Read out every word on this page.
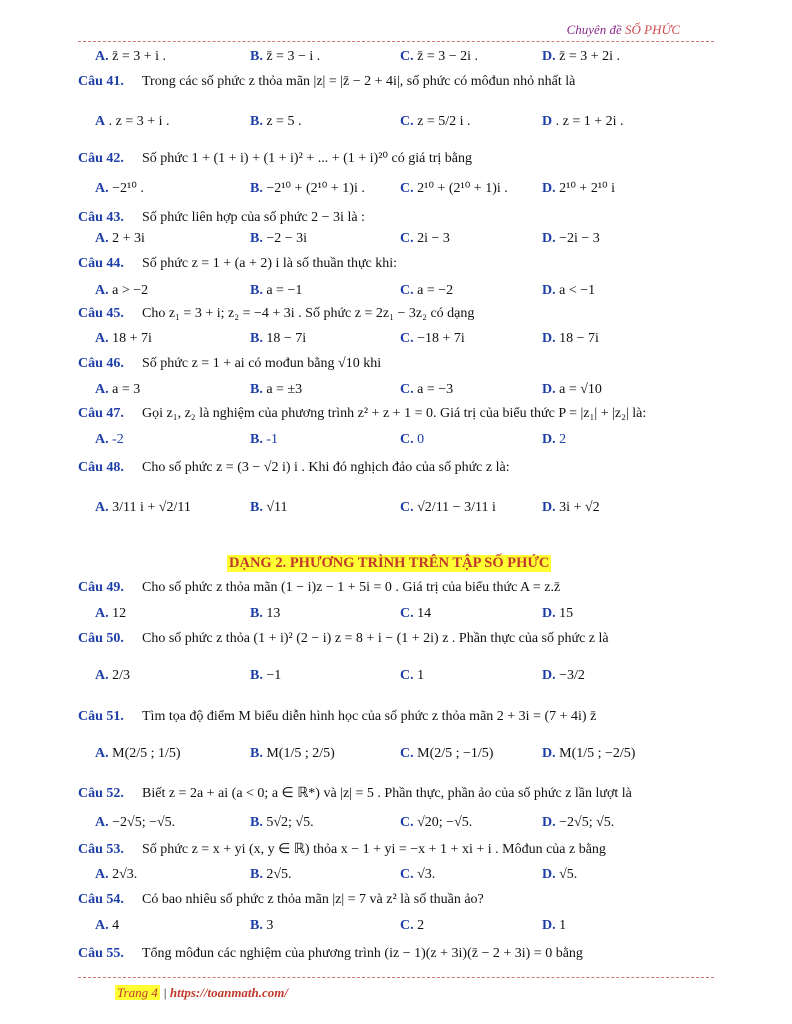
Chuyên đề SỐ PHỨC
A. z̄ = 3 + i .	B. z̄ = 3 − i .	C. z̄ = 3 − 2i .	D. z̄ = 3 + 2i .
Câu 41. Trong các số phức z thỏa mãn |z| = |z̄ − 2 + 4i|, số phức có môđun nhỏ nhất là
A . z = 3 + i .	B. z = 5 .	C. z = 5/2 i .	D . z = 1 + 2i .
Câu 42. Số phức 1 + (1 + i) + (1 + i)² + ... + (1 + i)²⁰ có giá trị bằng
A. −2¹⁰ .	B. −2¹⁰ + (2¹⁰ + 1)i .	C. 2¹⁰ + (2¹⁰ + 1)i . D. 2¹⁰ + 2¹⁰ i
Câu 43. Số phức liên hợp của số phức 2 − 3i là :
A. 2 + 3i	B. −2 − 3i	C. 2i − 3	D. −2i − 3
Câu 44. Số phức z = 1 + (a + 2) i là số thuần thực khi:
A. a > −2	B. a = −1	C. a = −2	D. a < −1
Câu 45. Cho z₁ = 3 + i; z₂ = −4 + 3i . Số phức z = 2z₁ − 3z₂ có dạng
A. 18 + 7i	B. 18 − 7i	C. −18 + 7i	D. 18 − 7i
Câu 46. Số phức z = 1 + ai có mođun bằng √10 khi
A. a = 3	B. a = ±3	C. a = −3	D. a = √10
Câu 47. Gọi z₁, z₂ là nghiệm của phương trình z² + z + 1 = 0. Giá trị của biểu thức P = |z₁| + |z₂| là:
A. -2	B. -1	C. 0	D. 2
Câu 48. Cho số phức z = (3 − √2 i) i . Khi đó nghịch đảo của số phức z là:
A. 3/11 i + √2/11	B. √11	C. √2/11 − 3/11 i	D. 3i + √2
Câu 49. Cho số phức z thỏa mãn (1 − i)z − 1 + 5i = 0 . Giá trị của biểu thức A = z.z̄
A. 12	B. 13	C. 14	D. 15
Câu 50. Cho số phức z thỏa (1 + i)² (2 − i) z = 8 + i − (1 + 2i) z . Phần thực của số phức z là
A. 2/3	B. −1	C. 1	D. −3/2
Câu 51. Tìm tọa độ điểm M biểu diễn hình học của số phức z thỏa mãn 2 + 3i = (7 + 4i) z̄
A. M(2/5 ; 1/5)	B. M(1/5 ; 2/5)	C. M(2/5 ; −1/5)	D. M(1/5 ; −2/5)
Câu 52. Biết z = 2a + ai (a < 0; a ∈ ℝ*) và |z| = 5 . Phần thực, phần ảo của số phức z lần lượt là
A. −2√5; −√5.	B. 5√2; √5.	C. √20; −√5.	D. −2√5; √5.
Câu 53. Số phức z = x + yi (x, y ∈ ℝ) thỏa x − 1 + yi = −x + 1 + xi + i . Môđun của z bằng
A. 2√3.	B. 2√5.	C. √3.	D. √5.
Câu 54. Có bao nhiêu số phức z thỏa mãn |z| = 7 và z² là số thuần ảo?
A. 4	B. 3	C. 2	D. 1
Câu 55. Tổng môđun các nghiệm của phương trình (iz − 1)(z + 3i)(z̄ − 2 + 3i) = 0 bằng
DẠNG 2. PHƯƠNG TRÌNH TRÊN TẬP SỐ PHỨC
Trang 4 | https://toanmath.com/
